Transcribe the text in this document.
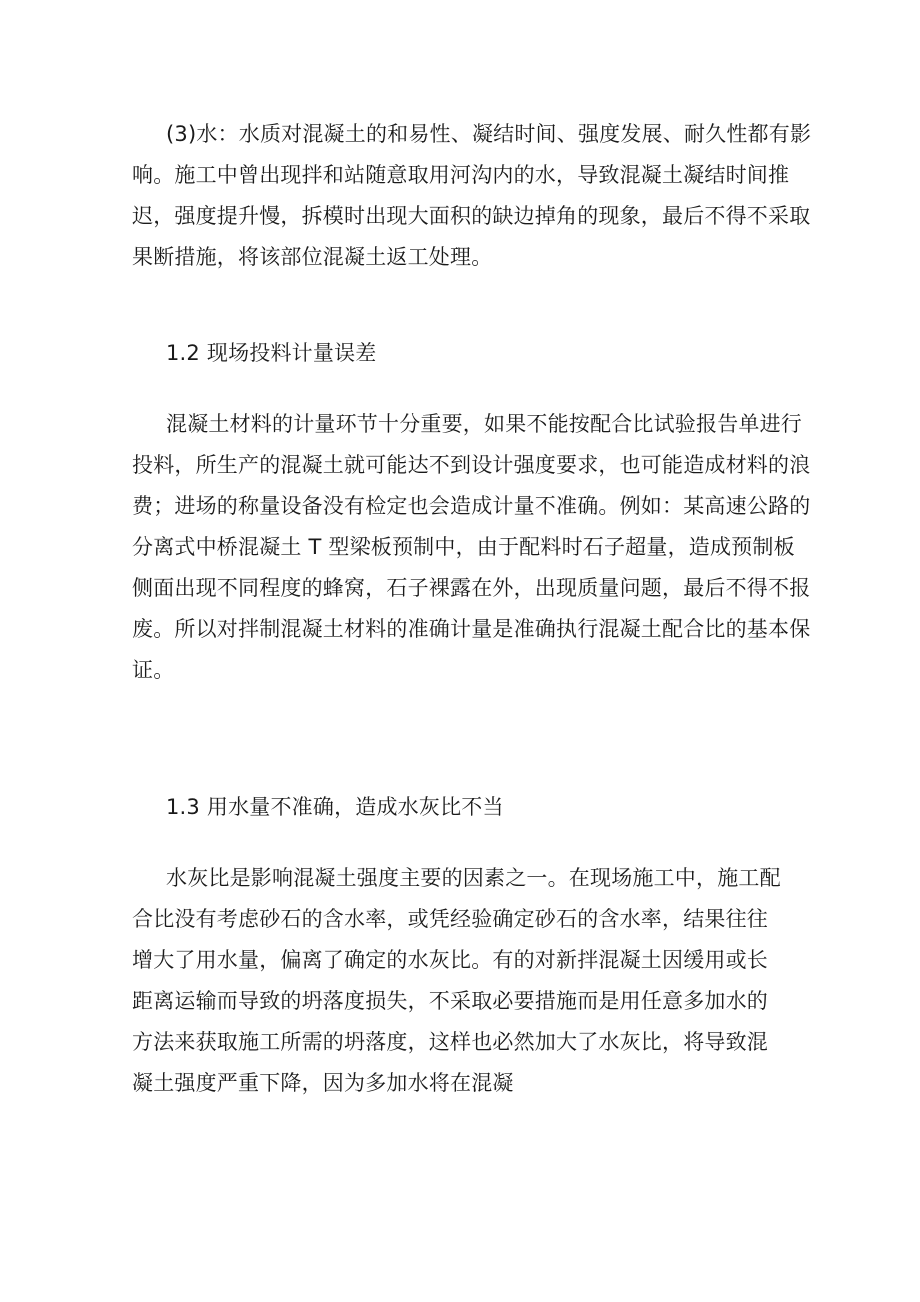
(3)水：水质对混凝土的和易性、凝结时间、强度发展、耐久性都有影响。施工中曾出现拌和站随意取用河沟内的水，导致混凝土凝结时间推迟，强度提升慢，拆模时出现大面积的缺边掉角的现象，最后不得不采取果断措施，将该部位混凝土返工处理。

1.2 现场投料计量误差

混凝土材料的计量环节十分重要，如果不能按配合比试验报告单进行投料，所生产的混凝土就可能达不到设计强度要求，也可能造成材料的浪费；进场的称量设备没有检定也会造成计量不准确。例如：某高速公路的分离式中桥混凝土 T 型梁板预制中，由于配料时石子超量，造成预制板侧面出现不同程度的蜂窝，石子裸露在外，出现质量问题，最后不得不报废。所以对拌制混凝土材料的准确计量是准确执行混凝土配合比的基本保证。

1.3 用水量不准确，造成水灰比不当

水灰比是影响混凝土强度主要的因素之一。在现场施工中，施工配合比没有考虑砂石的含水率，或凭经验确定砂石的含水率，结果往往增大了用水量，偏离了确定的水灰比。有的对新拌混凝土因缓用或长距离运输而导致的坍落度损失，不采取必要措施而是用任意多加水的方法来获取施工所需的坍落度，这样也必然加大了水灰比，将导致混凝土强度严重下降，因为多加水将在混凝
